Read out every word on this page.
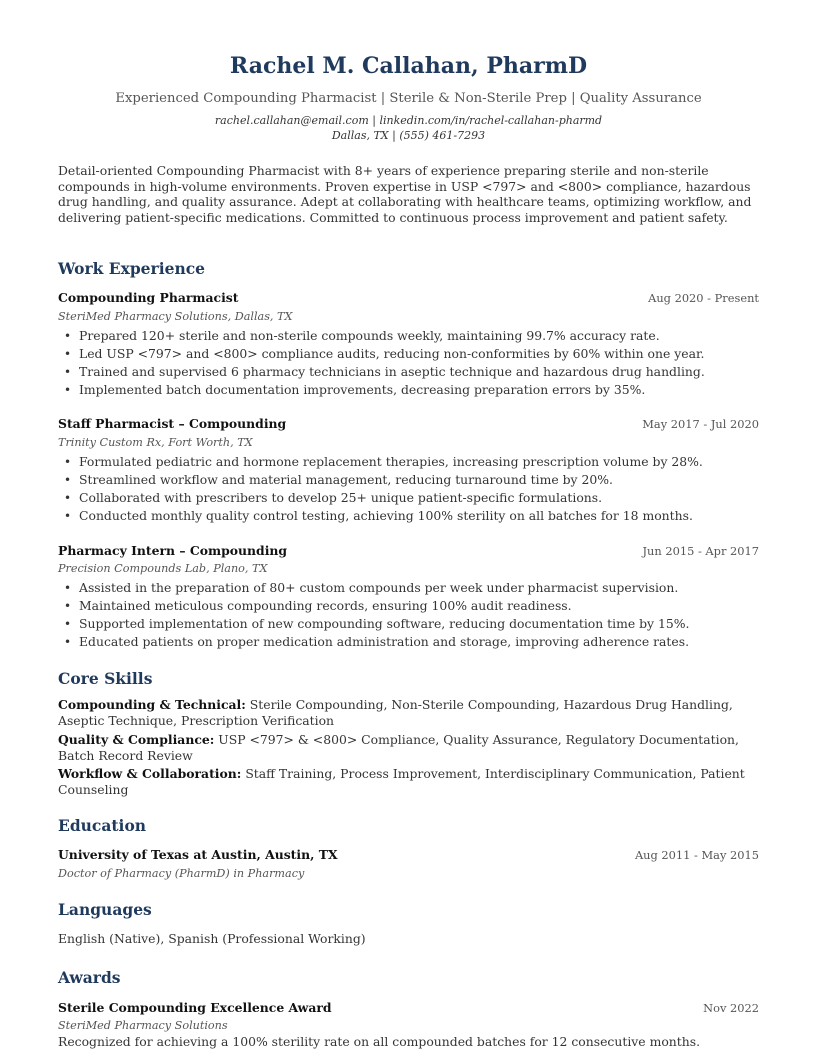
Rachel M. Callahan, PharmD
Experienced Compounding Pharmacist | Sterile & Non-Sterile Prep | Quality Assurance
rachel.callahan@email.com | linkedin.com/in/rachel-callahan-pharmd
Dallas, TX | (555) 461-7293
Detail-oriented Compounding Pharmacist with 8+ years of experience preparing sterile and non-sterile compounds in high-volume environments. Proven expertise in USP <797> and <800> compliance, hazardous drug handling, and quality assurance. Adept at collaborating with healthcare teams, optimizing workflow, and delivering patient-specific medications. Committed to continuous process improvement and patient safety.
Work Experience
Compounding Pharmacist	Aug 2020 - Present
SteriMed Pharmacy Solutions, Dallas, TX
• Prepared 120+ sterile and non-sterile compounds weekly, maintaining 99.7% accuracy rate.
• Led USP <797> and <800> compliance audits, reducing non-conformities by 60% within one year.
• Trained and supervised 6 pharmacy technicians in aseptic technique and hazardous drug handling.
• Implemented batch documentation improvements, decreasing preparation errors by 35%.
Staff Pharmacist – Compounding	May 2017 - Jul 2020
Trinity Custom Rx, Fort Worth, TX
• Formulated pediatric and hormone replacement therapies, increasing prescription volume by 28%.
• Streamlined workflow and material management, reducing turnaround time by 20%.
• Collaborated with prescribers to develop 25+ unique patient-specific formulations.
• Conducted monthly quality control testing, achieving 100% sterility on all batches for 18 months.
Pharmacy Intern – Compounding	Jun 2015 - Apr 2017
Precision Compounds Lab, Plano, TX
• Assisted in the preparation of 80+ custom compounds per week under pharmacist supervision.
• Maintained meticulous compounding records, ensuring 100% audit readiness.
• Supported implementation of new compounding software, reducing documentation time by 15%.
• Educated patients on proper medication administration and storage, improving adherence rates.
Core Skills
Compounding & Technical: Sterile Compounding, Non-Sterile Compounding, Hazardous Drug Handling, Aseptic Technique, Prescription Verification
Quality & Compliance: USP <797> & <800> Compliance, Quality Assurance, Regulatory Documentation, Batch Record Review
Workflow & Collaboration: Staff Training, Process Improvement, Interdisciplinary Communication, Patient Counseling
Education
University of Texas at Austin, Austin, TX	Aug 2011 - May 2015
Doctor of Pharmacy (PharmD) in Pharmacy
Languages
English (Native), Spanish (Professional Working)
Awards
Sterile Compounding Excellence Award	Nov 2022
SteriMed Pharmacy Solutions
Recognized for achieving a 100% sterility rate on all compounded batches for 12 consecutive months.
